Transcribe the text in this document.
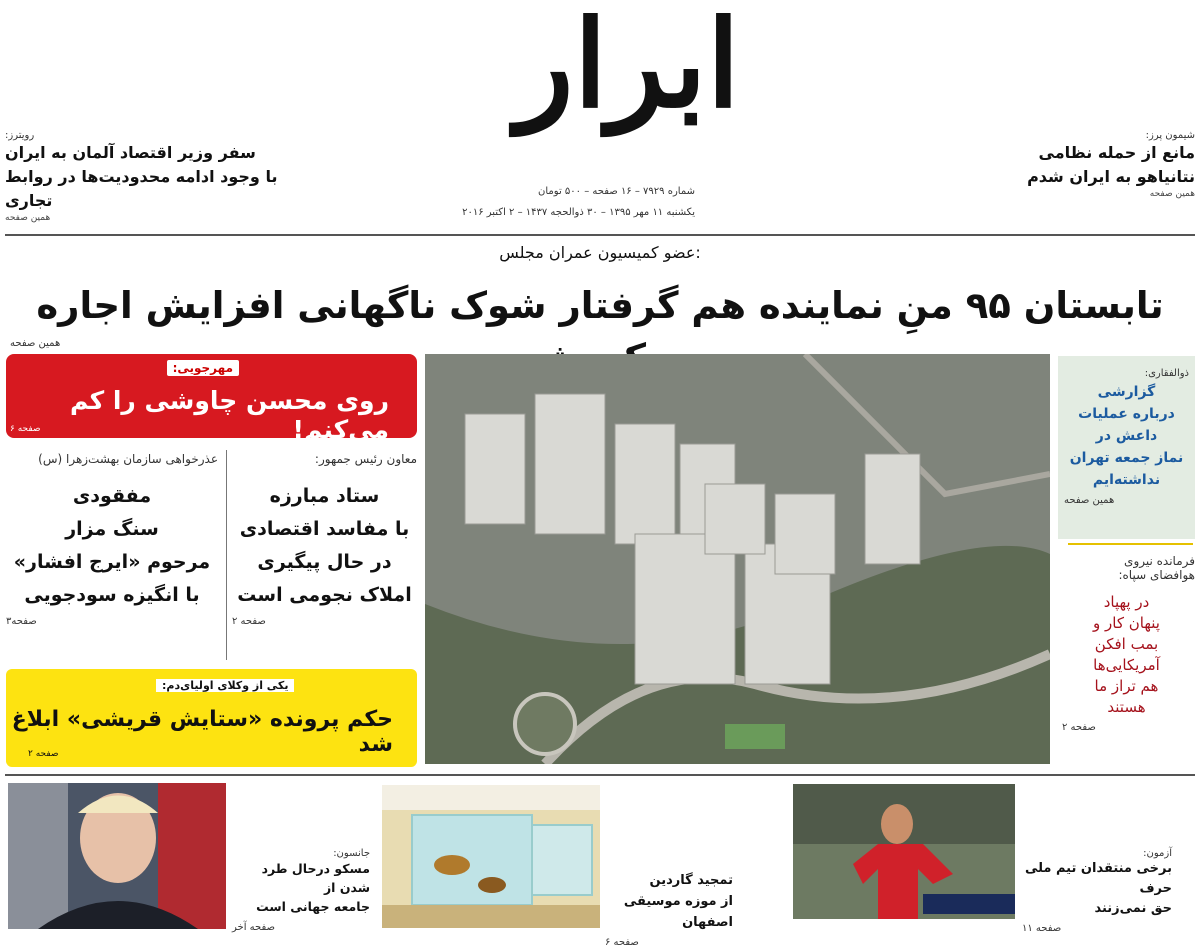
ابرار
شماره ۷۹۲۹ – ۱۶ صفحه – ۵۰۰ تومان
یکشنبه ۱۱ مهر ۱۳۹۵ – ۳۰ ذوالحجه ۱۴۳۷ – ۲ اکتبر ۲۰۱۶
رویترز:
سفر وزیر اقتصاد آلمان به ایران
با وجود ادامه محدودیت‌ها در روابط تجاری
همین صفحه
شیمون پرز:
مانع از حمله نظامی
نتانیاهو به ایران شدم
همین صفحه
عضو کمیسیون عمران مجلس:
تابستان ۹۵ منِ نماینده هم گرفتار شوک ناگهانی افزایش اجاره
همین صفحه
مهرجویی:
روی محسن چاوشی را کم می‌کنم!
صفحه ۶
معاون رئیس جمهور:
ستاد مبارزه
با مفاسد اقتصادی
در حال پیگیری
املاک نجومی است
صفحه ۲
عذرخواهی سازمان بهشت‌زهرا (س)
مفقودی
سنگ مزار
مرحوم «ایرج افشار»
با انگیزه سودجویی
صفحه۳
یکی از وکلای اولیای‌دم:
حکم پرونده «ستایش قریشی» ابلاغ شد
صفحه ۲
ذوالفقاری:
گزارشی
درباره عملیات
داعش در
نماز جمعه تهران
نداشته‌ایم
همین صفحه
فرمانده نیروی
هوافضای سپاه:
در پهپاد
پنهان کار و
بمب افکن
آمریکایی‌ها
هم تراز ما
هستند
صفحه ۲
جانسون:
مسکو درحال طرد شدن از
جامعه جهانی است
صفحه آخر
تمجید گاردین
از موزه موسیقی اصفهان
صفحه ۶
آزمون:
برخی منتقدان تیم ملی حرف
حق نمی‌زنند
صفحه ۱۱
